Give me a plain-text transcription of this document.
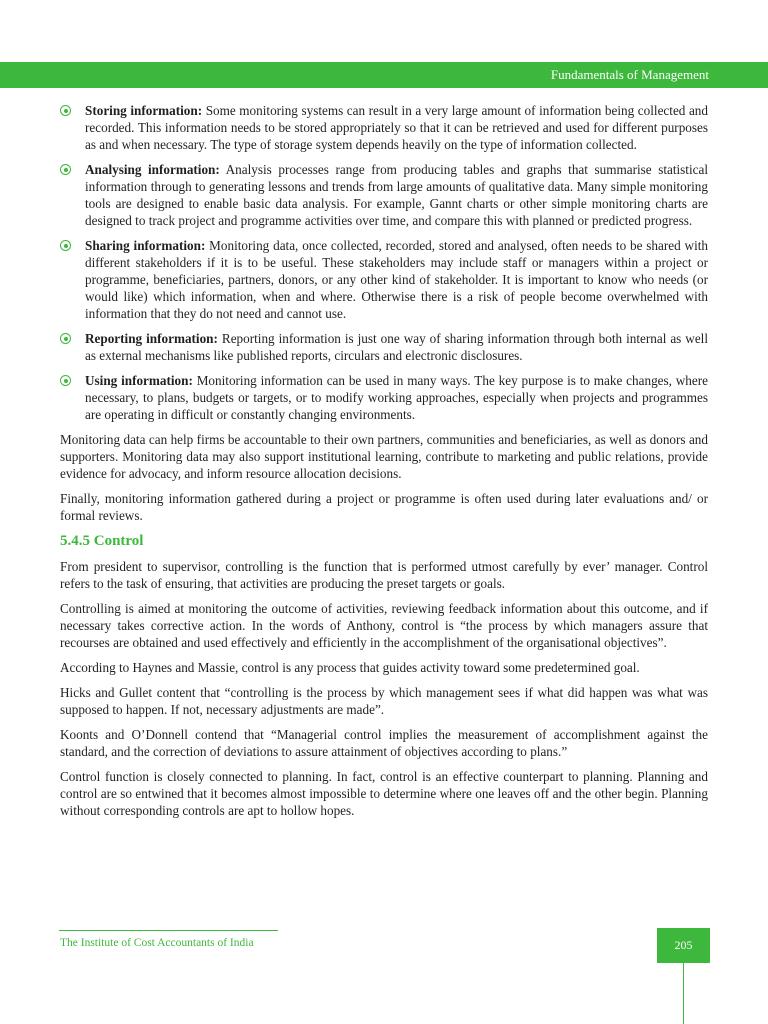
Fundamentals of Management
Storing information: Some monitoring systems can result in a very large amount of information being collected and recorded. This information needs to be stored appropriately so that it can be retrieved and used for different purposes as and when necessary. The type of storage system depends heavily on the type of information collected.
Analysing information: Analysis processes range from producing tables and graphs that summarise statistical information through to generating lessons and trends from large amounts of qualitative data. Many simple monitoring tools are designed to enable basic data analysis. For example, Gannt charts or other simple monitoring charts are designed to track project and programme activities over time, and compare this with planned or predicted progress.
Sharing information: Monitoring data, once collected, recorded, stored and analysed, often needs to be shared with different stakeholders if it is to be useful. These stakeholders may include staff or managers within a project or programme, beneficiaries, partners, donors, or any other kind of stakeholder. It is important to know who needs (or would like) which information, when and where. Otherwise there is a risk of people become overwhelmed with information that they do not need and cannot use.
Reporting information: Reporting information is just one way of sharing information through both internal as well as external mechanisms like published reports, circulars and electronic disclosures.
Using information: Monitoring information can be used in many ways. The key purpose is to make changes, where necessary, to plans, budgets or targets, or to modify working approaches, especially when projects and programmes are operating in difficult or constantly changing environments.

Monitoring data can help firms be accountable to their own partners, communities and beneficiaries, as well as donors and supporters. Monitoring data may also support institutional learning, contribute to marketing and public relations, provide evidence for advocacy, and inform resource allocation decisions.

Finally, monitoring information gathered during a project or programme is often used during later evaluations and/ or formal reviews.

5.4.5 Control

From president to supervisor, controlling is the function that is performed utmost carefully by ever’ manager. Control refers to the task of ensuring, that activities are producing the preset targets or goals.

Controlling is aimed at monitoring the outcome of activities, reviewing feedback information about this outcome, and if necessary takes corrective action. In the words of Anthony, control is “the process by which managers assure that recourses are obtained and used effectively and efficiently in the accomplishment of the organisational objectives”.

According to Haynes and Massie, control is any process that guides activity toward some predetermined goal.

Hicks and Gullet content that “controlling is the process by which management sees if what did happen was what was supposed to happen. If not, necessary adjustments are made”.

Koonts and O’Donnell contend that “Managerial control implies the measurement of accomplishment against the standard, and the correction of deviations to assure attainment of objectives according to plans.”

Control function is closely connected to planning. In fact, control is an effective counterpart to planning. Planning and control are so entwined that it becomes almost impossible to determine where one leaves off and the other begin. Planning without corresponding controls are apt to hollow hopes.

The Institute of Cost Accountants of India	205
